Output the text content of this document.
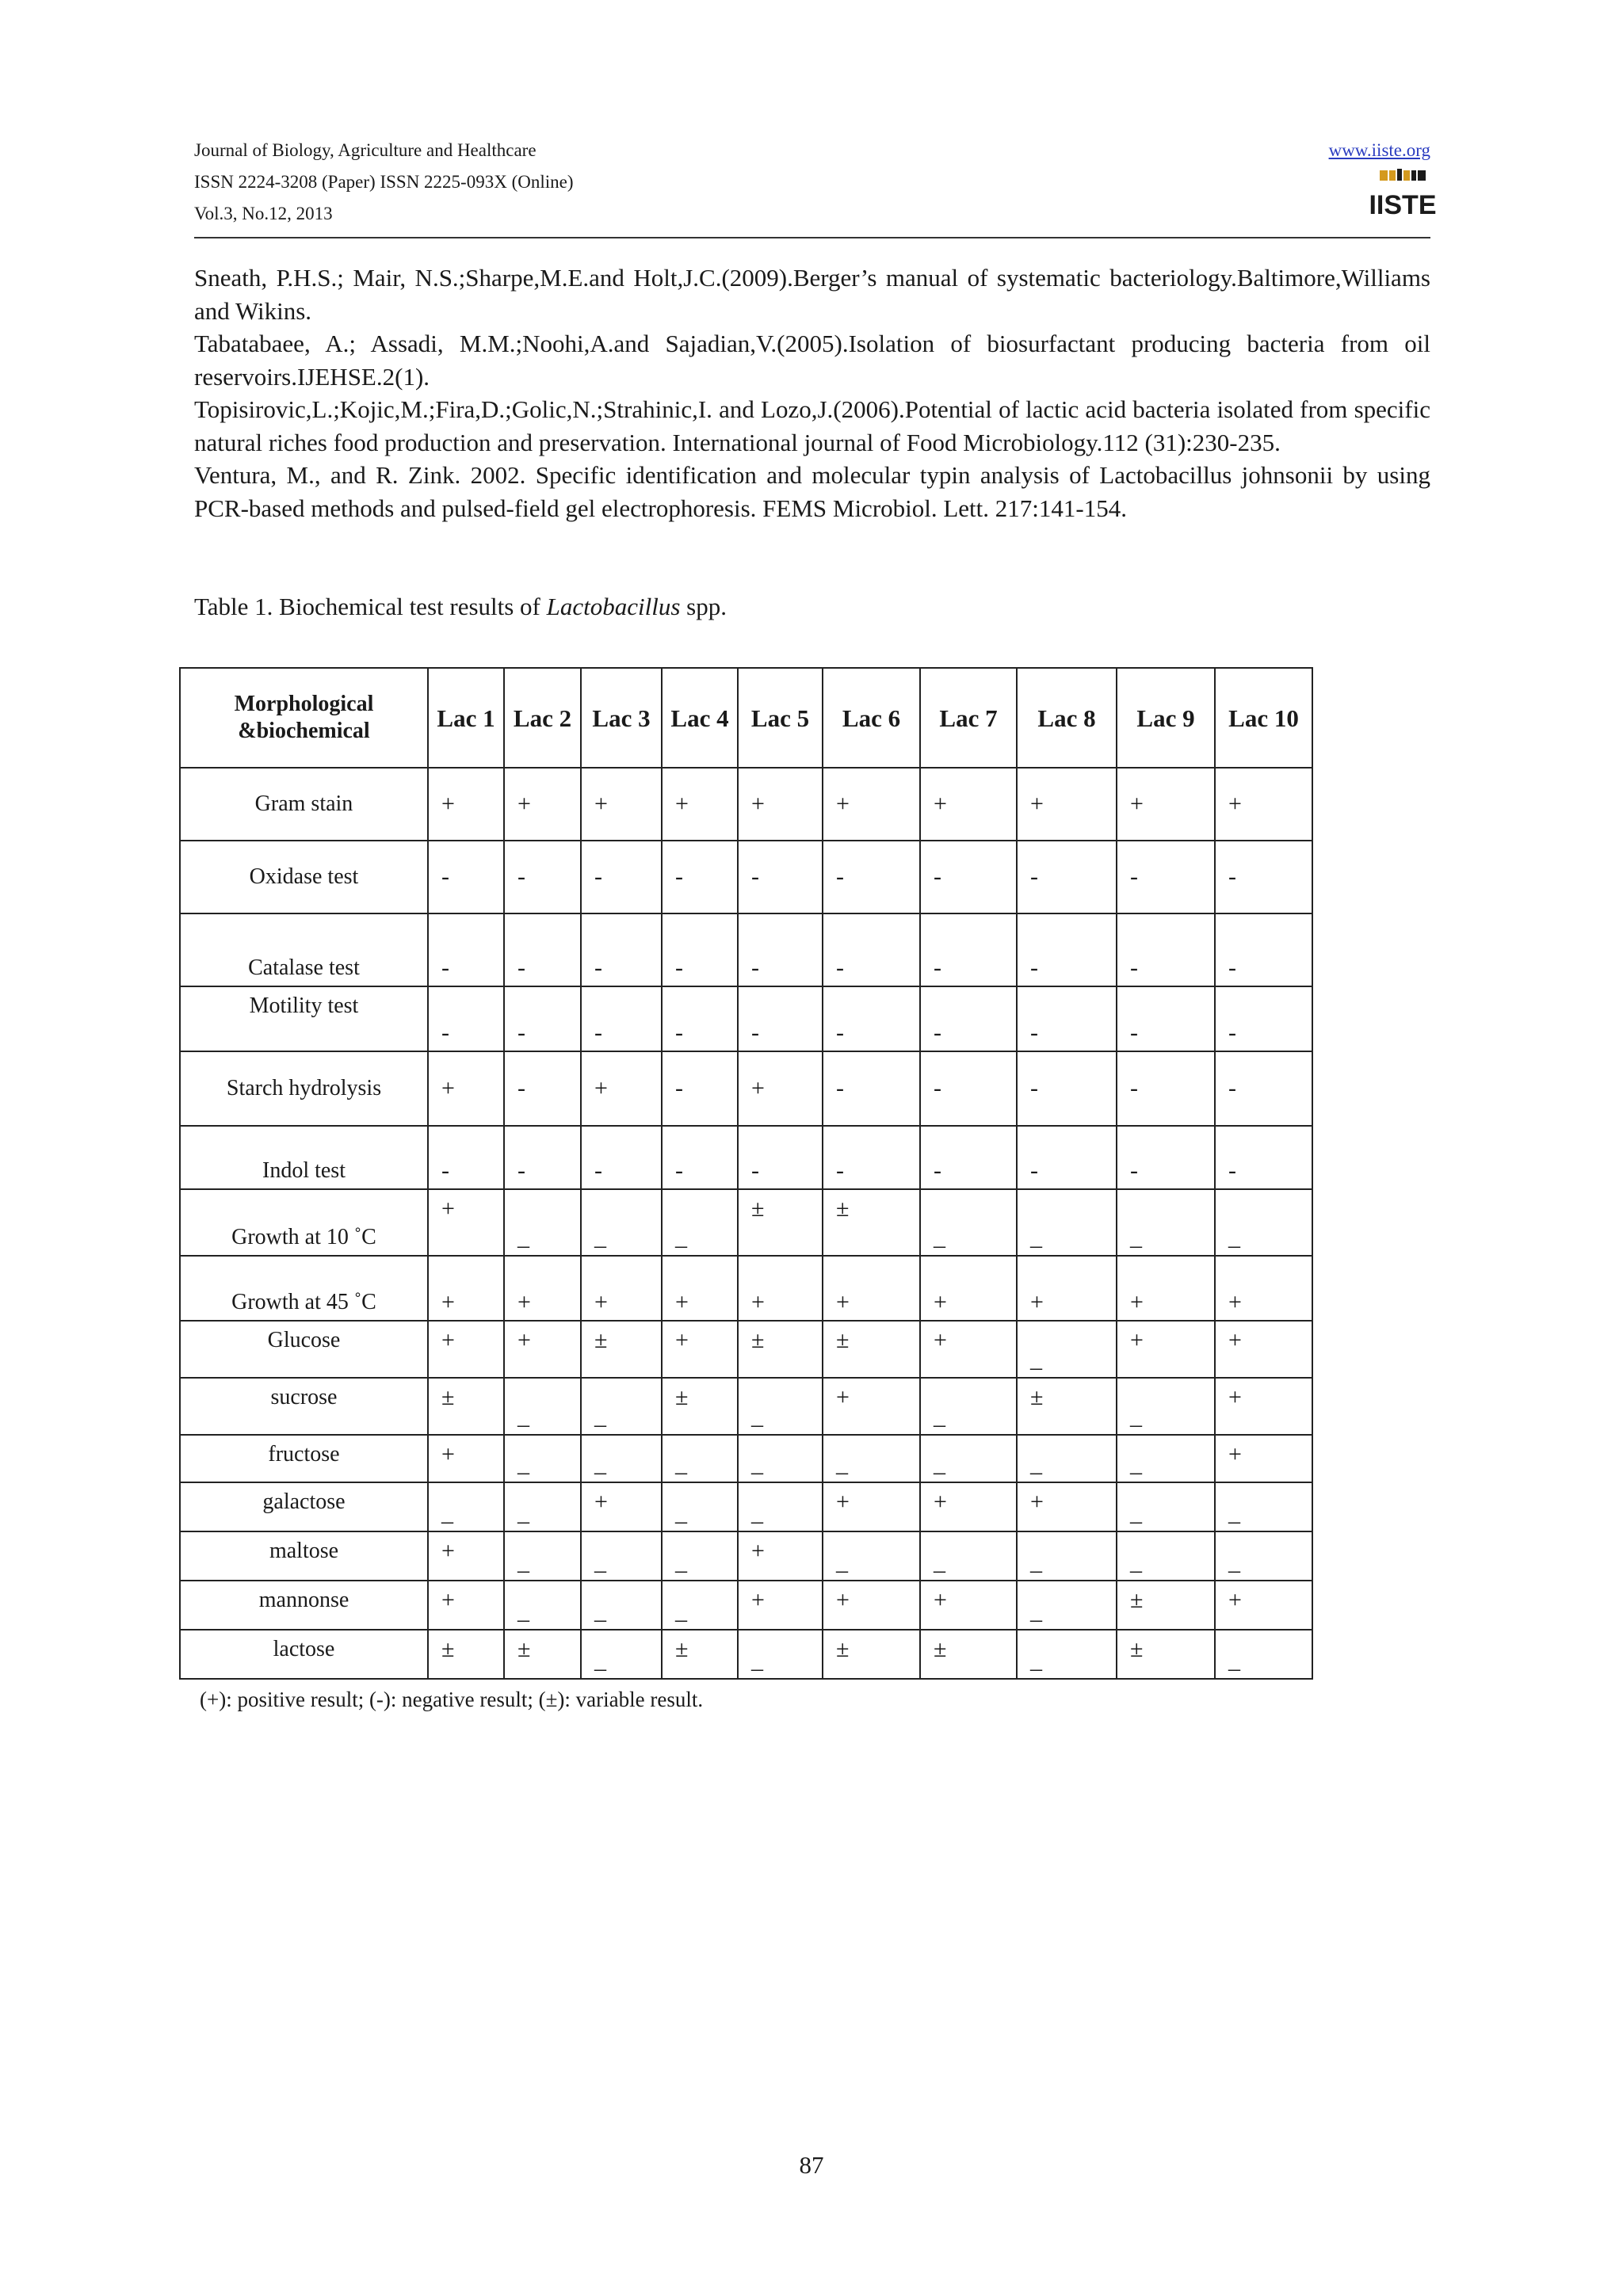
Journal of Biology, Agriculture and Healthcare
ISSN 2224-3208 (Paper) ISSN 2225-093X (Online)
Vol.3, No.12, 2013
www.iiste.org
IISTE

Sneath, P.H.S.; Mair, N.S.;Sharpe,M.E.and Holt,J.C.(2009).Berger’s manual of systematic bacteriology.Baltimore,Williams and Wikins.

Tabatabaee, A.; Assadi, M.M.;Noohi,A.and Sajadian,V.(2005).Isolation of biosurfactant producing bacteria from oil reservoirs.IJEHSE.2(1).

Topisirovic,L.;Kojic,M.;Fira,D.;Golic,N.;Strahinic,I. and Lozo,J.(2006).Potential of lactic acid bacteria isolated from specific natural riches food production and preservation. International journal of Food Microbiology.112 (31):230-235.

Ventura, M., and R. Zink. 2002. Specific identification and molecular typin analysis of Lactobacillus johnsonii by using PCR-based methods and pulsed-field gel electrophoresis. FEMS Microbiol. Lett. 217:141-154.

Table 1. Biochemical test results of Lactobacillus spp.
Morphological &biochemical	Lac 1	Lac 2	Lac 3	Lac 4	Lac 5	Lac 6	Lac 7	Lac 8	Lac 9	Lac 10
Gram stain	+	+	+	+	+	+	+	+	+	+
Oxidase test	-	-	-	-	-	-	-	-	-	-
Catalase test	-	-	-	-	-	-	-	-	-	-
Motility test	-	-	-	-	-	-	-	-	-	-
Starch hydrolysis	+	-	+	-	+	-	-	-	-	-
Indol test	-	-	-	-	-	-	-	-	-	-
Growth at 10 ˚C	+	_	_	_	±	±	_	_	_	_
Growth at 45 ˚C	+	+	+	+	+	+	+	+	+	+
Glucose	+	+	±	+	±	±	+	_	+	+
sucrose	±	_	_	±	_	+	_	±	_	+
fructose	+	_	_	_	_	_	_	_	_	+
galactose	_	_	+	_	_	+	+	+	_	_
maltose	+	_	_	_	+	_	_	_	_	_
mannonse	+	_	_	_	+	+	+	_	±	+
lactose	±	±	_	±	_	±	±	_	±	_
(+): positive result; (-): negative result; (±): variable result.
87
